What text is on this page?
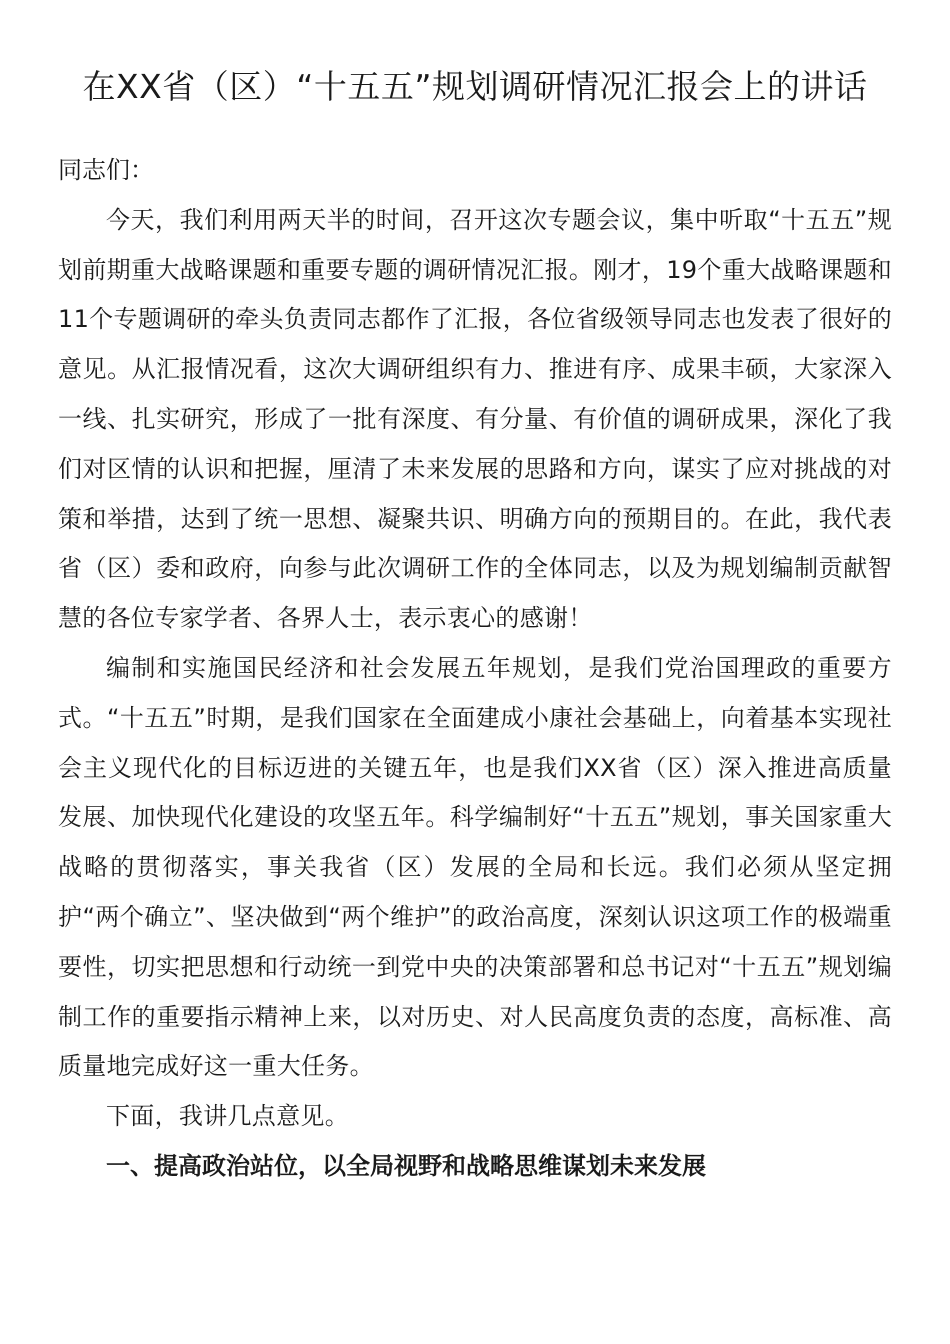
在XX省（区）“十五五”规划调研情况汇报会上的讲话

同志们：

今天，我们利用两天半的时间，召开这次专题会议，集中听取“十五五”规划前期重大战略课题和重要专题的调研情况汇报。刚才，19个重大战略课题和11个专题调研的牵头负责同志都作了汇报，各位省级领导同志也发表了很好的意见。从汇报情况看，这次大调研组织有力、推进有序、成果丰硕，大家深入一线、扎实研究，形成了一批有深度、有分量、有价值的调研成果，深化了我们对区情的认识和把握，厘清了未来发展的思路和方向，谋实了应对挑战的对策和举措，达到了统一思想、凝聚共识、明确方向的预期目的。在此，我代表省（区）委和政府，向参与此次调研工作的全体同志，以及为规划编制贡献智慧的各位专家学者、各界人士，表示衷心的感谢！

编制和实施国民经济和社会发展五年规划，是我们党治国理政的重要方式。“十五五”时期，是我们国家在全面建成小康社会基础上，向着基本实现社会主义现代化的目标迈进的关键五年，也是我们XX省（区）深入推进高质量发展、加快现代化建设的攻坚五年。科学编制好“十五五”规划，事关国家重大战略的贯彻落实，事关我省（区）发展的全局和长远。我们必须从坚定拥护“两个确立”、坚决做到“两个维护”的政治高度，深刻认识这项工作的极端重要性，切实把思想和行动统一到党中央的决策部署和总书记对“十五五”规划编制工作的重要指示精神上来，以对历史、对人民高度负责的态度，高标准、高质量地完成好这一重大任务。

下面，我讲几点意见。

一、提高政治站位，以全局视野和战略思维谋划未来发展
